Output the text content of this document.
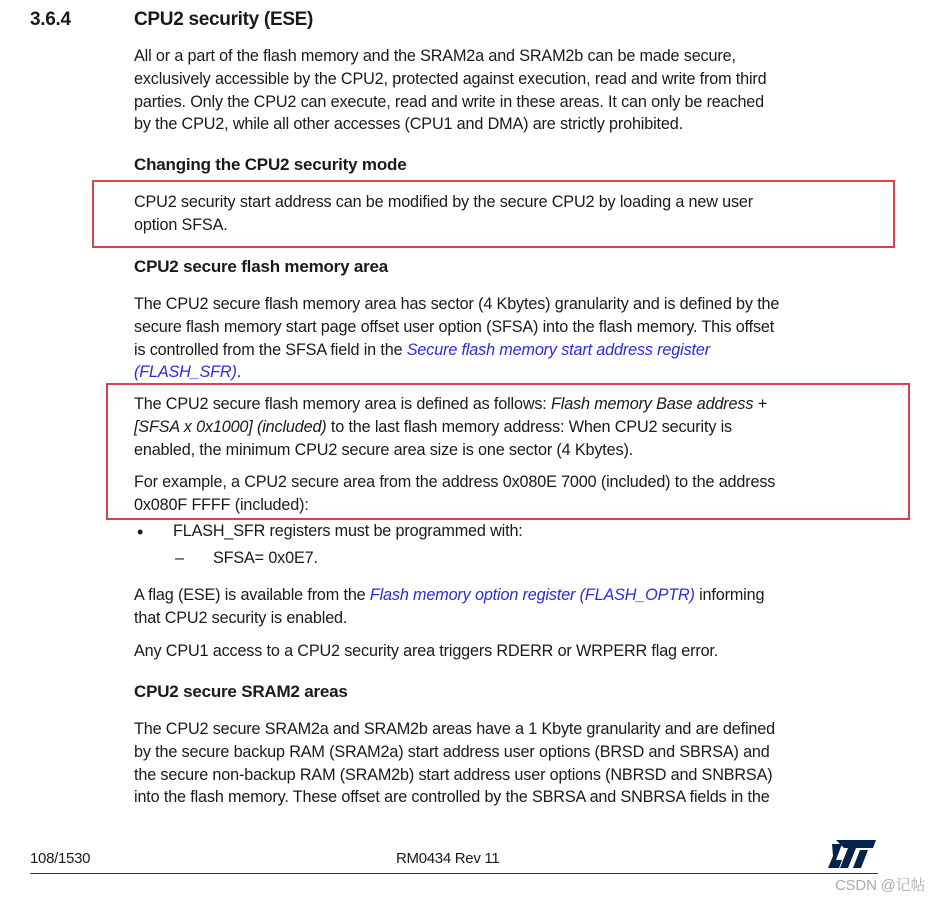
3.6.4	CPU2 security (ESE)
All or a part of the flash memory and the SRAM2a and SRAM2b can be made secure,
exclusively accessible by the CPU2, protected against execution, read and write from third
parties. Only the CPU2 can execute, read and write in these areas. It can only be reached
by the CPU2, while all other accesses (CPU1 and DMA) are strictly prohibited.
Changing the CPU2 security mode
CPU2 security start address can be modified by the secure CPU2 by loading a new user
option SFSA.
CPU2 secure flash memory area
The CPU2 secure flash memory area has sector (4 Kbytes) granularity and is defined by the
secure flash memory start page offset user option (SFSA) into the flash memory. This offset
is controlled from the SFSA field in the Secure flash memory start address register
(FLASH_SFR).
The CPU2 secure flash memory area is defined as follows: Flash memory Base address +
[SFSA x 0x1000] (included) to the last flash memory address: When CPU2 security is
enabled, the minimum CPU2 secure area size is one sector (4 Kbytes).
For example, a CPU2 secure area from the address 0x080E 7000 (included) to the address
0x080F FFFF (included):
• FLASH_SFR registers must be programmed with:
– SFSA= 0x0E7.
A flag (ESE) is available from the Flash memory option register (FLASH_OPTR) informing
that CPU2 security is enabled.
Any CPU1 access to a CPU2 security area triggers RDERR or WRPERR flag error.
CPU2 secure SRAM2 areas
The CPU2 secure SRAM2a and SRAM2b areas have a 1 Kbyte granularity and are defined
by the secure backup RAM (SRAM2a) start address user options (BRSD and SBRSA) and
the secure non-backup RAM (SRAM2b) start address user options (NBRSD and SNBRSA)
into the flash memory. These offset are controlled by the SBRSA and SNBRSA fields in the
108/1530	RM0434 Rev 11
CSDN @记帖
